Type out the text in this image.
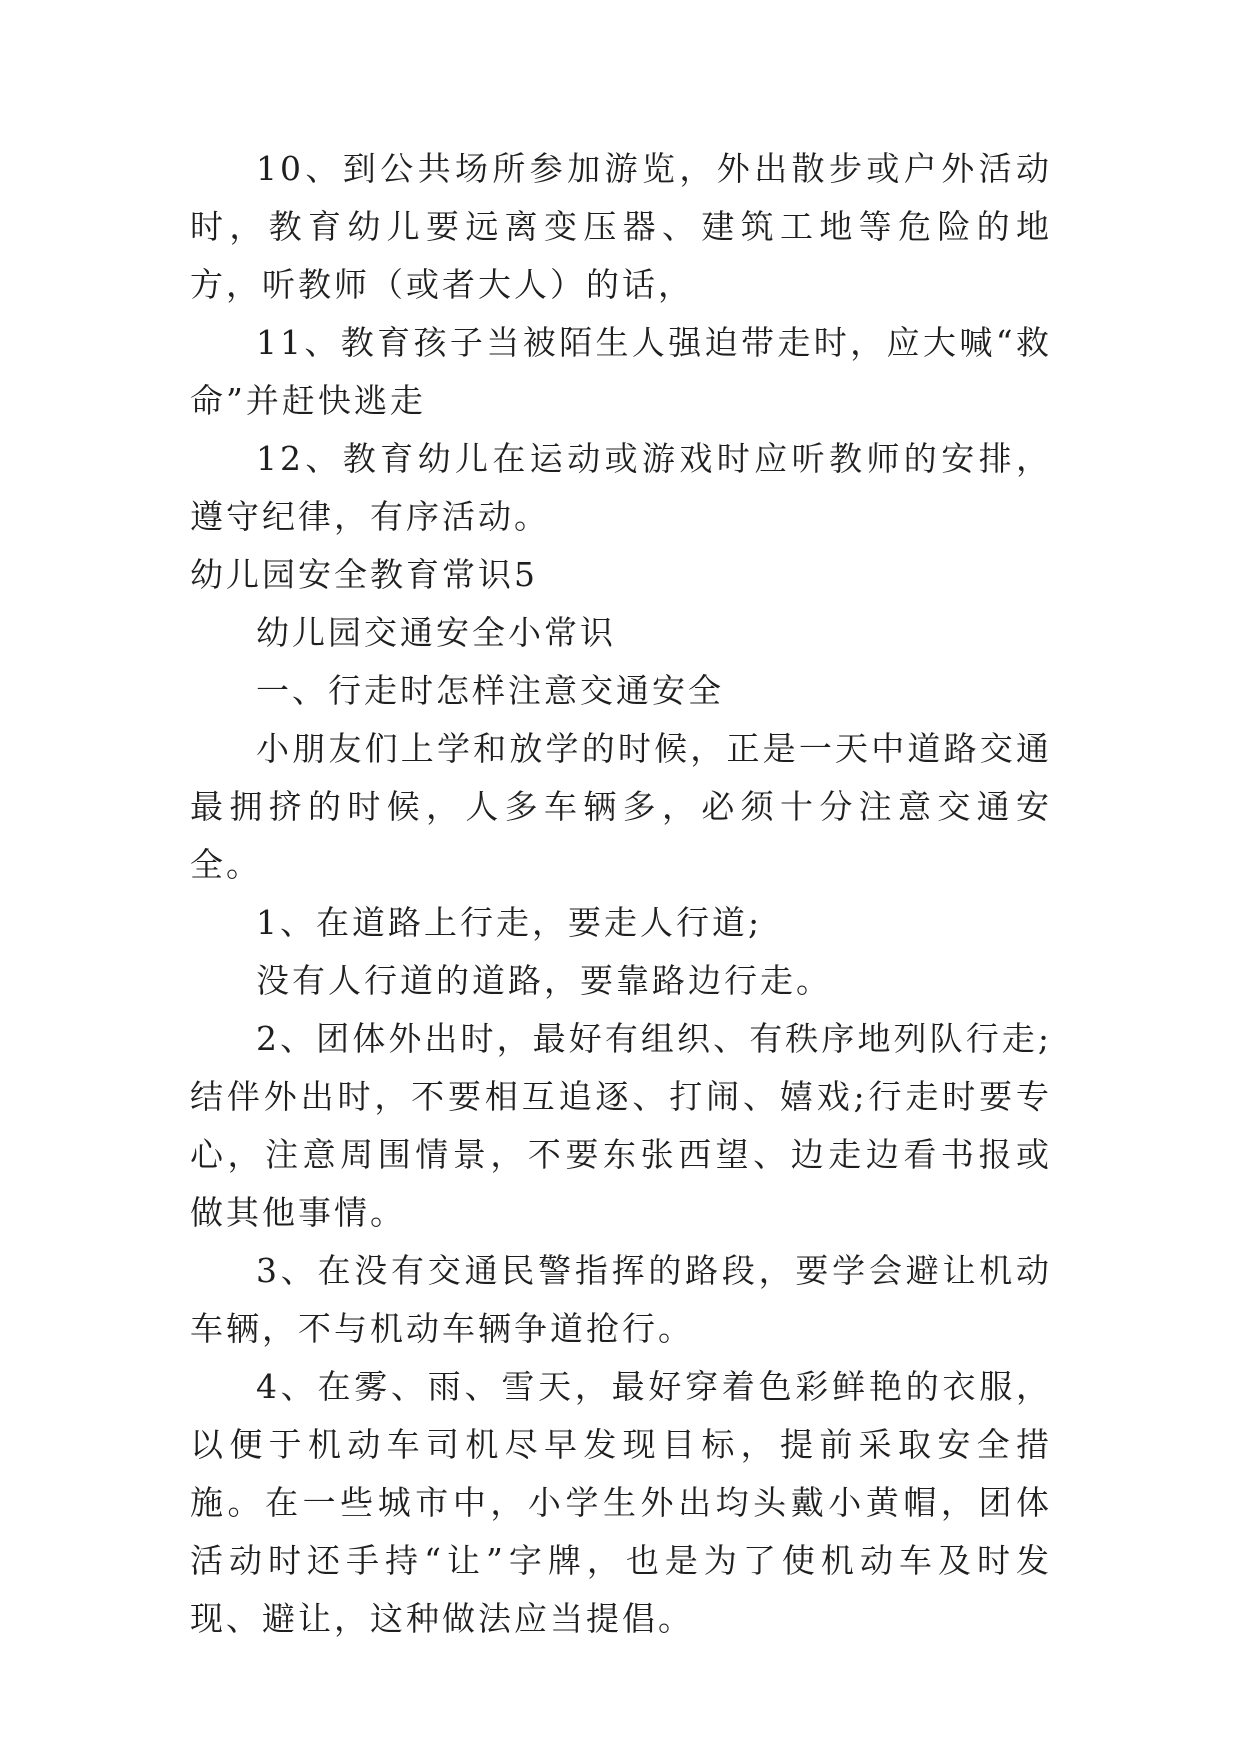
10、到公共场所参加游览，外出散步或户外活动时，教育幼儿要远离变压器、建筑工地等危险的地方，听教师（或者大人）的话，

11、教育孩子当被陌生人强迫带走时，应大喊“救命”并赶快逃走

12、教育幼儿在运动或游戏时应听教师的安排，遵守纪律，有序活动。

幼儿园安全教育常识5

幼儿园交通安全小常识

一、行走时怎样注意交通安全

小朋友们上学和放学的时候，正是一天中道路交通最拥挤的时候，人多车辆多，必须十分注意交通安全。

1、在道路上行走，要走人行道;

没有人行道的道路，要靠路边行走。

2、团体外出时，最好有组织、有秩序地列队行走;结伴外出时，不要相互追逐、打闹、嬉戏;行走时要专心，注意周围情景，不要东张西望、边走边看书报或做其他事情。

3、在没有交通民警指挥的路段，要学会避让机动车辆，不与机动车辆争道抢行。

4、在雾、雨、雪天，最好穿着色彩鲜艳的衣服，以便于机动车司机尽早发现目标，提前采取安全措施。在一些城市中，小学生外出均头戴小黄帽，团体活动时还手持“让”字牌，也是为了使机动车及时发现、避让，这种做法应当提倡。
